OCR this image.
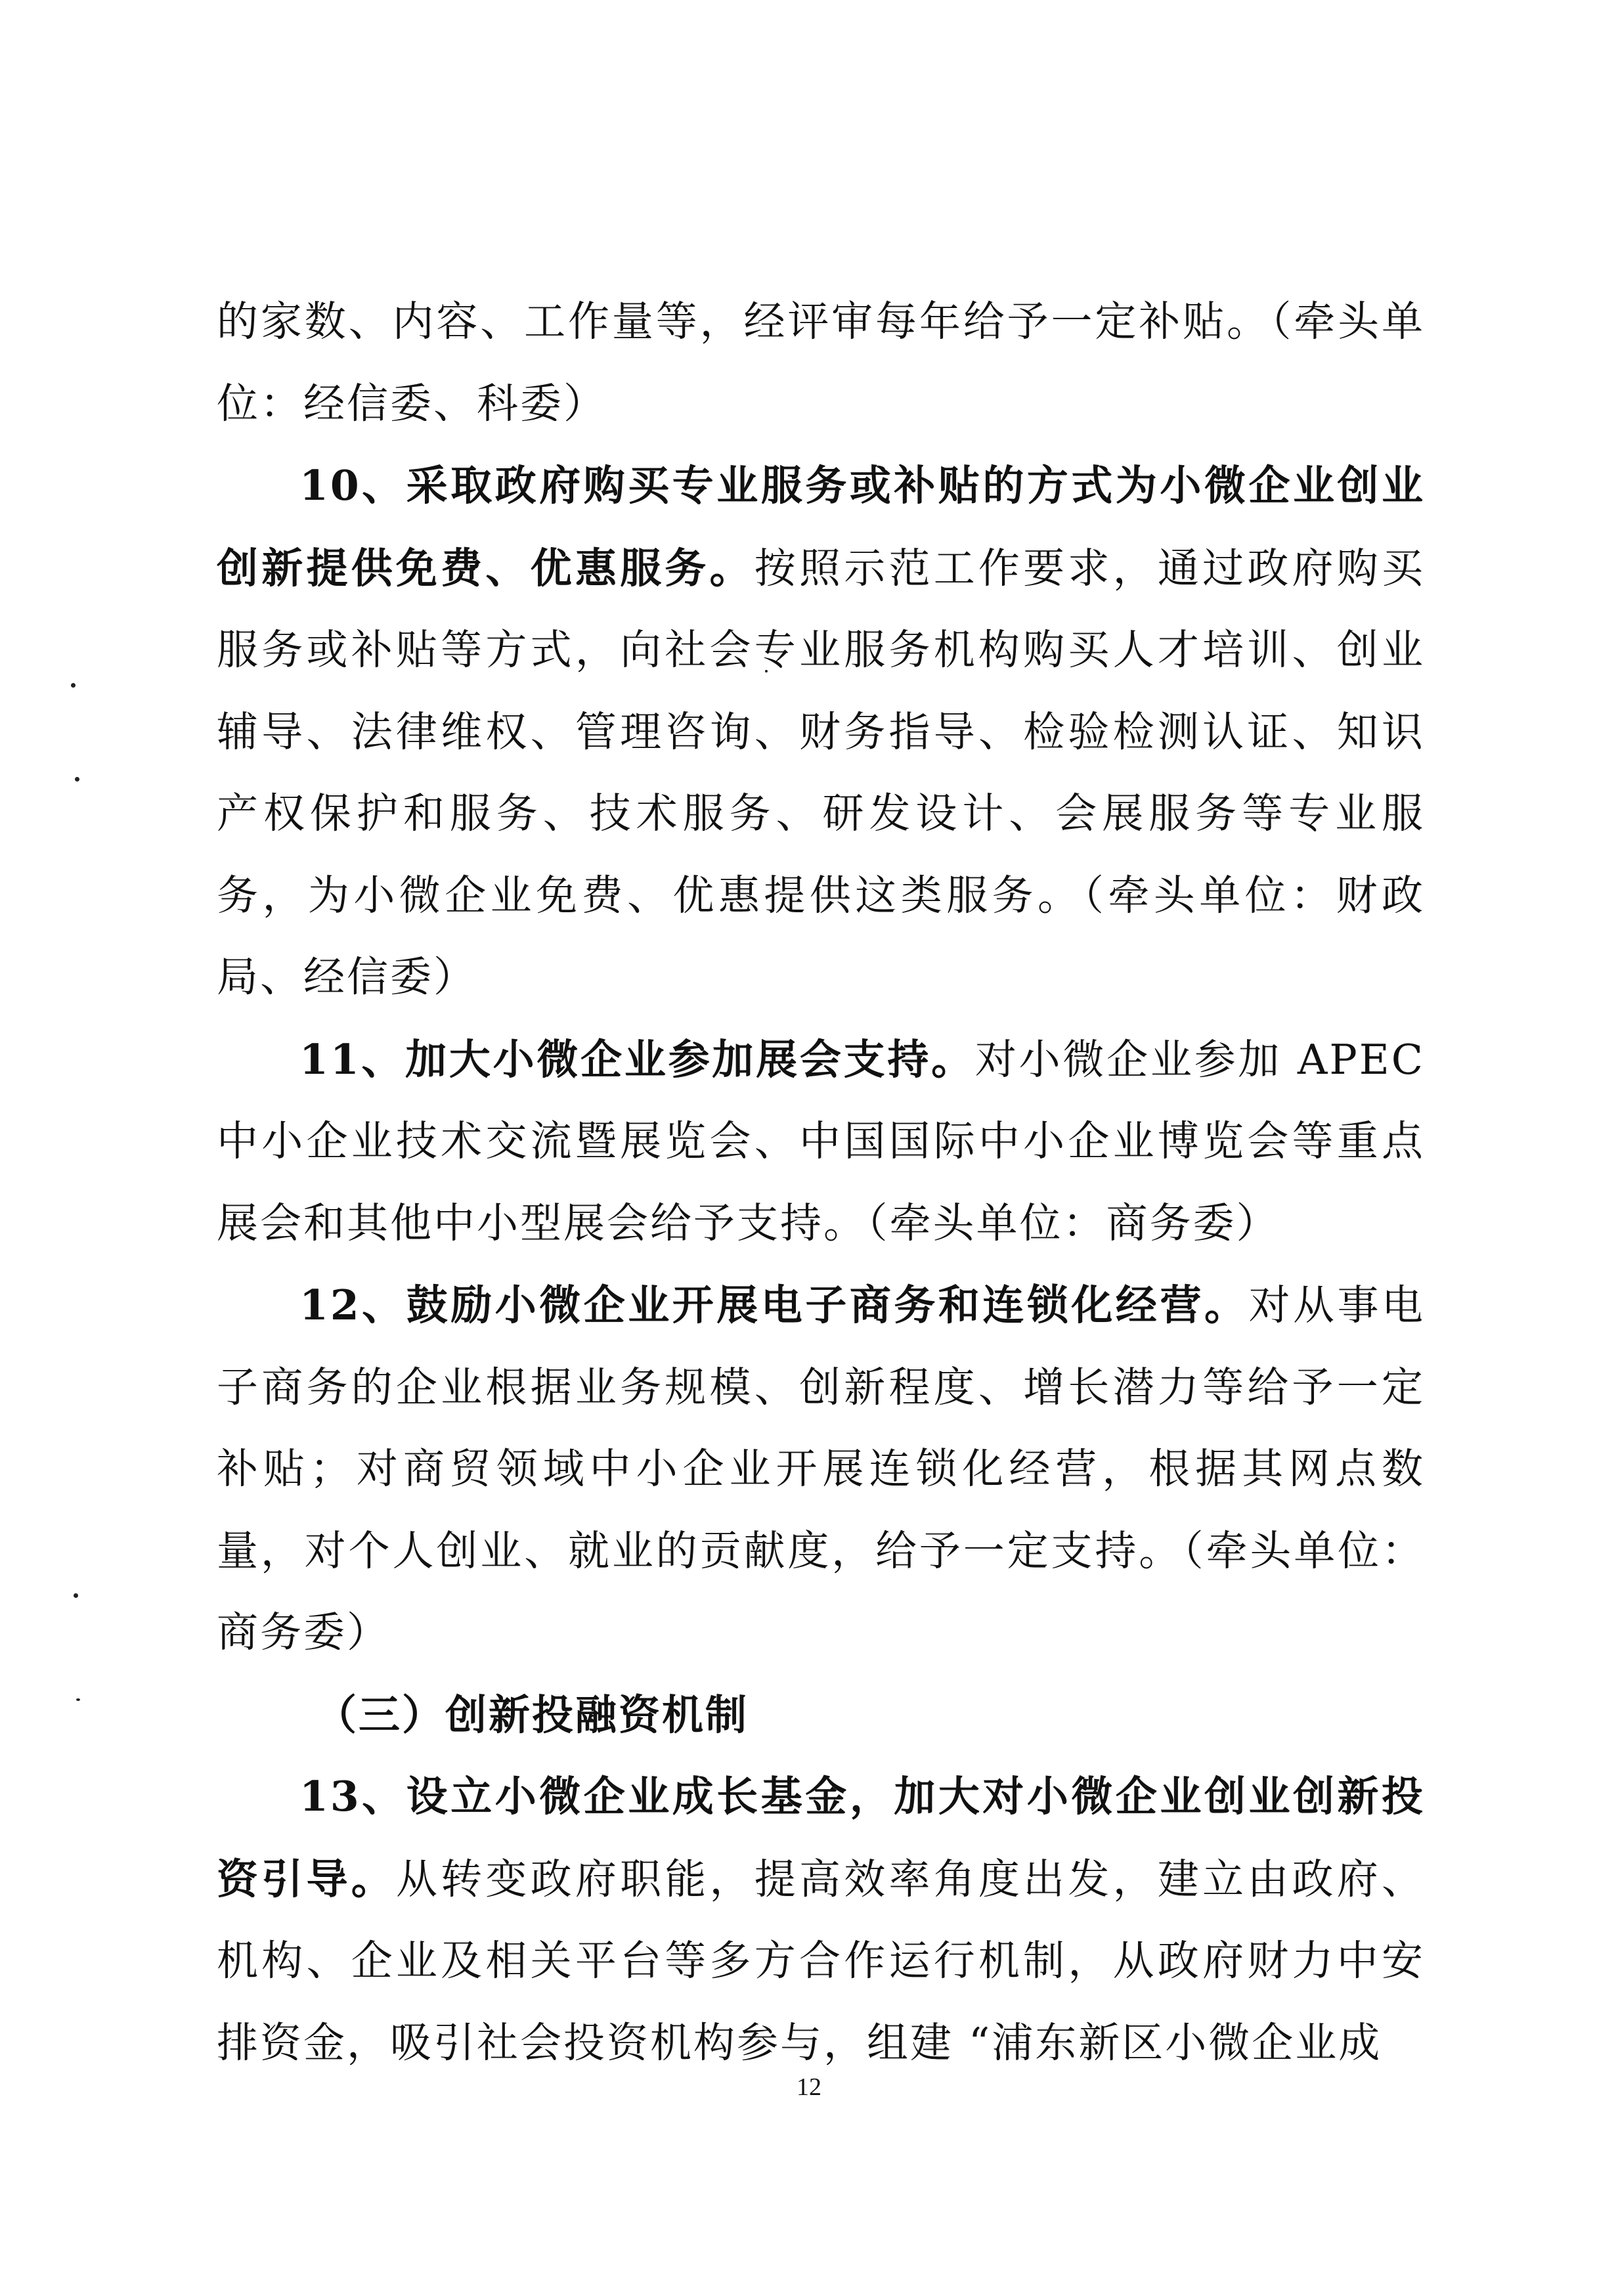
的家数、内容、工作量等，经评审每年给予一定补贴。（牵头单位：经信委、科委）

10、采取政府购买专业服务或补贴的方式为小微企业创业创新提供免费、优惠服务。按照示范工作要求，通过政府购买服务或补贴等方式，向社会专业服务机构购买人才培训、创业辅导、法律维权、管理咨询、财务指导、检验检测认证、知识产权保护和服务、技术服务、研发设计、会展服务等专业服务，为小微企业免费、优惠提供这类服务。（牵头单位：财政局、经信委）

11、加大小微企业参加展会支持。对小微企业参加 APEC 中小企业技术交流暨展览会、中国国际中小企业博览会等重点展会和其他中小型展会给予支持。（牵头单位：商务委）

12、鼓励小微企业开展电子商务和连锁化经营。对从事电子商务的企业根据业务规模、创新程度、增长潜力等给予一定补贴；对商贸领域中小企业开展连锁化经营，根据其网点数量，对个人创业、就业的贡献度，给予一定支持。（牵头单位：商务委）

（三）创新投融资机制

13、设立小微企业成长基金，加大对小微企业创业创新投资引导。从转变政府职能，提高效率角度出发，建立由政府、机构、企业及相关平台等多方合作运行机制，从政府财力中安排资金，吸引社会投资机构参与，组建 “浦东新区小微企业成

12
